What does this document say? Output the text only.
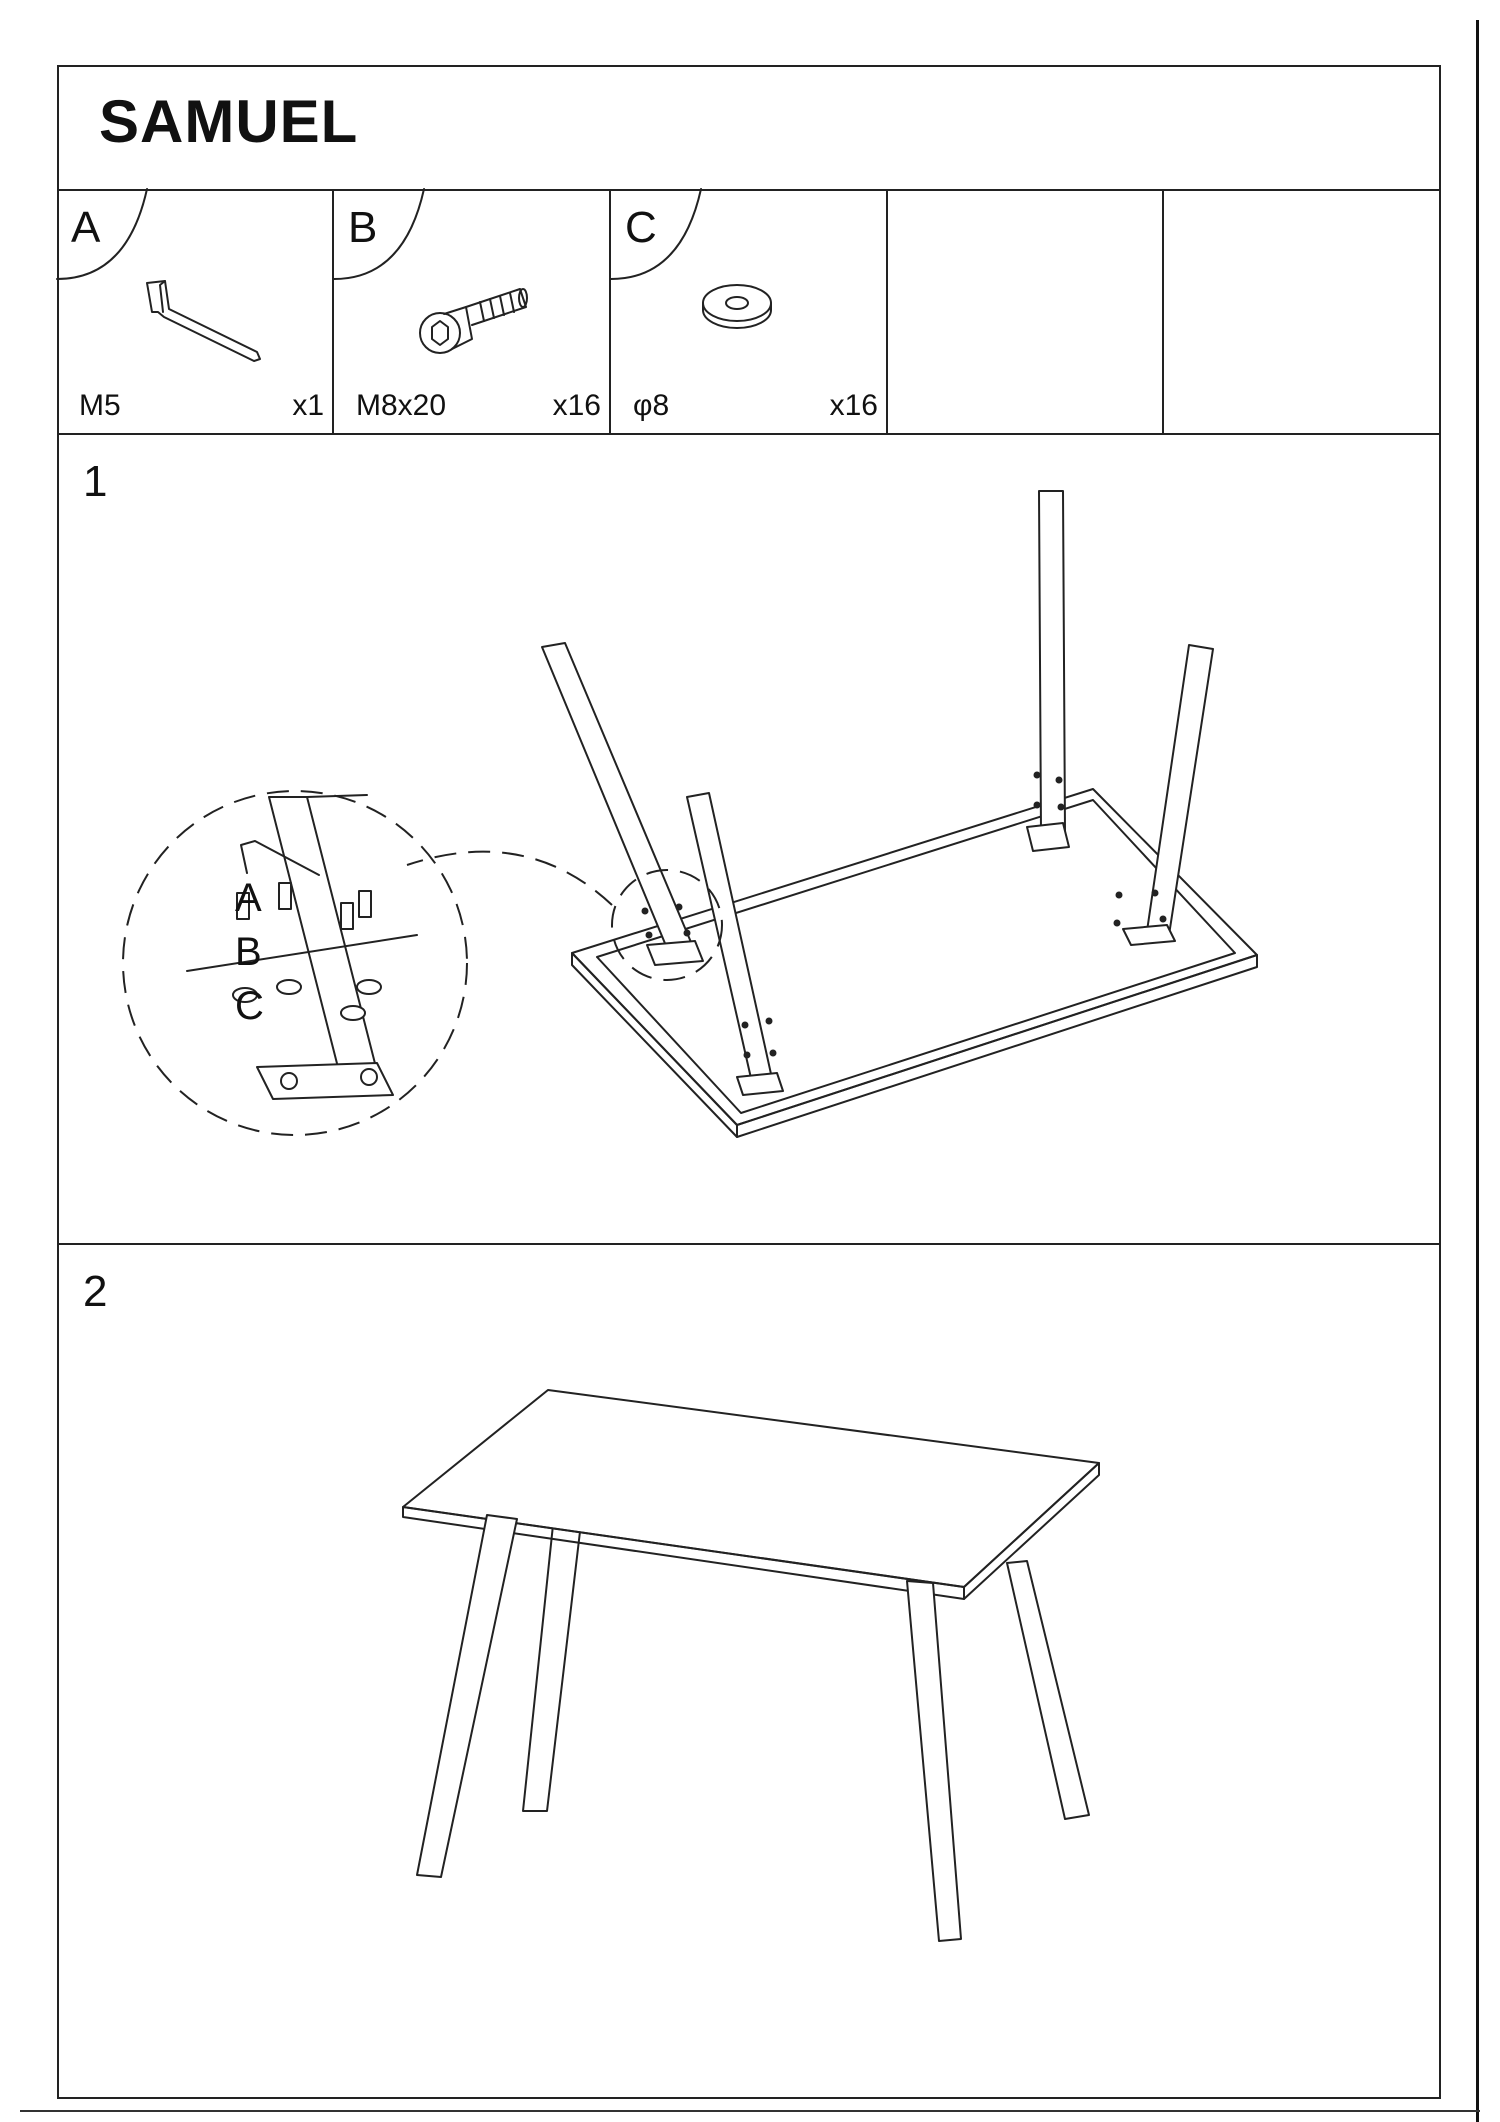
SAMUEL
A
M5	x1
B
M8x20	x16
C
φ8	x16
1
A
B
C
2
